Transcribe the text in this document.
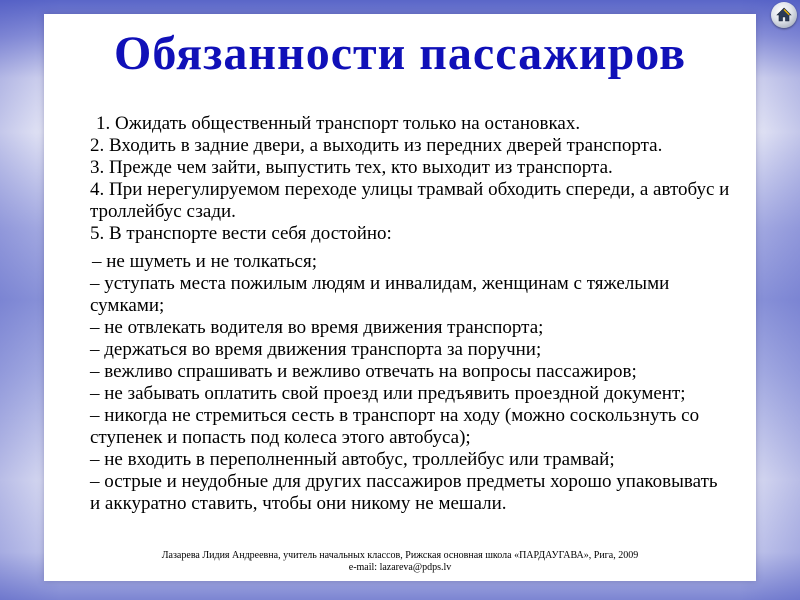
Обязанности пассажиров

1. Ожидать общественный транспорт только на остановках.

2. Входить в задние двери, а выходить из передних дверей транспорта.

3. Прежде чем зайти, выпустить тех, кто выходит из транспорта.

4. При нерегулируемом переходе улицы трамвай обходить спереди, а автобус и троллейбус сзади.

5. В транспорте вести себя достойно:

– не шуметь и не толкаться;

– уступать места пожилым людям и инвалидам, женщинам с тяжелыми сумками;

– не отвлекать водителя во время движения транспорта;

– держаться во время движения транспорта за поручни;

– вежливо спрашивать и вежливо отвечать на вопросы пассажиров;

– не забывать оплатить свой проезд или предъявить проездной документ;

– никогда не стремиться сесть в транспорт на ходу (можно соскользнуть со ступенек и попасть под колеса этого автобуса);

– не входить в переполненный автобус, троллейбус или трамвай;

– острые и неудобные для других пассажиров предметы хорошо упаковывать и аккуратно ставить, чтобы они никому не мешали.

Лазарева Лидия Андреевна, учитель начальных классов, Рижская основная школа «ПАРДАУГАВА», Рига, 2009
e-mail: lazareva@pdps.lv
